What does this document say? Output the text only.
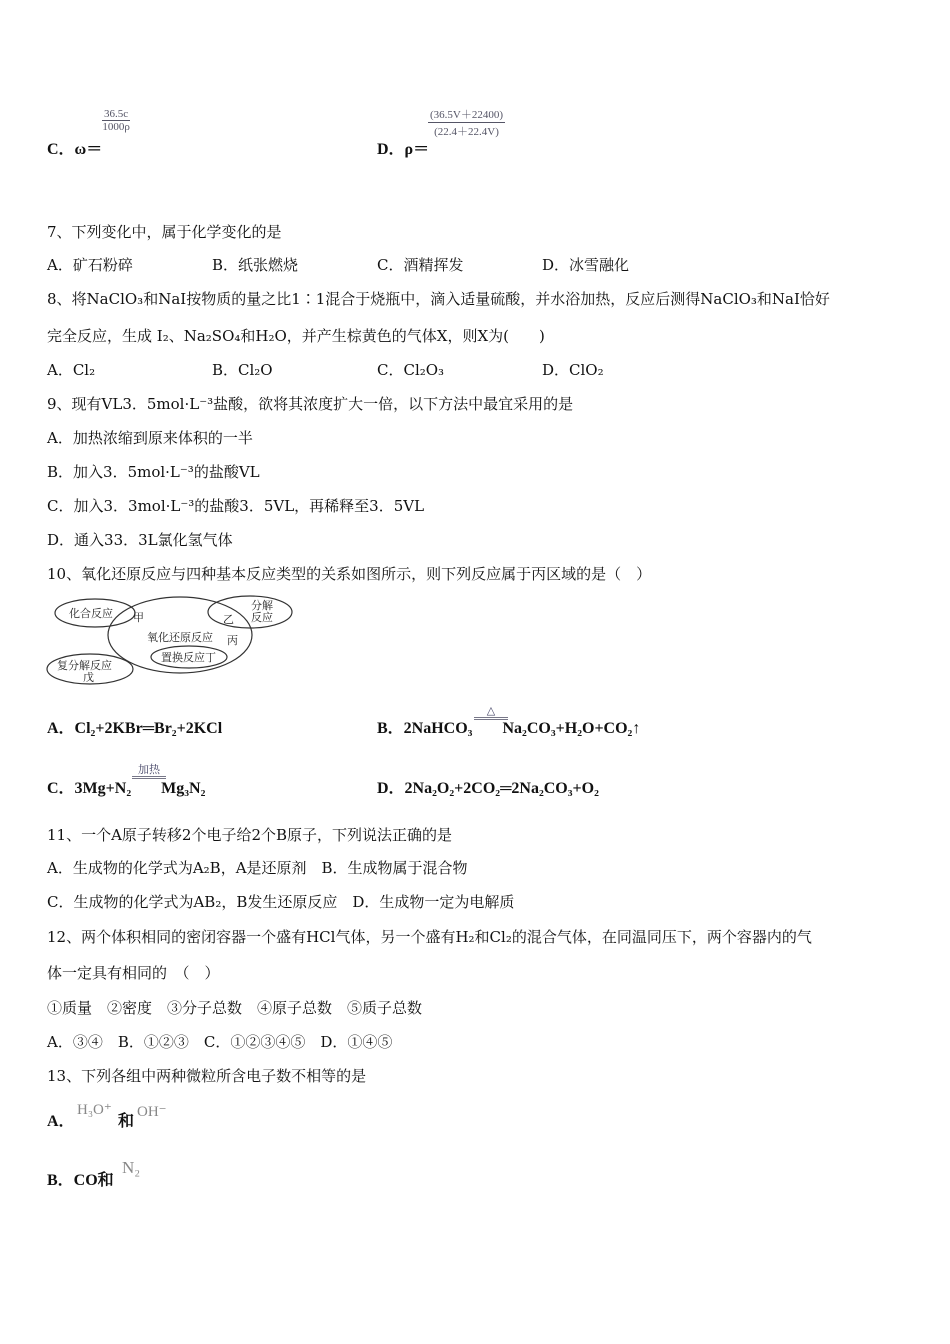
C．ω＝
$\frac{36.5c}{1000\rho}$
D．ρ＝
$\frac{(36.5V+22400)}{(22.4+22.4V)}$
7、下列变化中，属于化学变化的是
A．矿石粉碎	B．纸张燃烧	C．酒精挥发	D．冰雪融化
8、将NaClO₃和NaI按物质的量之比1∶1混合于烧瓶中，滴入适量硫酸，并水浴加热，反应后测得NaClO₃和NaI恰好
完全反应，生成 I₂、Na₂SO₄和H₂O，并产生棕黄色的气体X，则X为(　　)
A．Cl₂	B．Cl₂O	C．Cl₂O₃	D．ClO₂
9、现有VL3．5mol·L⁻³盐酸，欲将其浓度扩大一倍，以下方法中最宜采用的是
A．加热浓缩到原来体积的一半
B．加入3．5mol·L⁻³的盐酸VL
C．加入3．3mol·L⁻³的盐酸3．5VL，再稀释至3．5VL
D．通入33．3L氯化氢气体
10、氧化还原反应与四种基本反应类型的关系如图所示，则下列反应属于丙区域的是（　）
化合反应 甲
分解
反应
乙
氧化还原反应 丙
置换反应丁
复分解反应
戊
A．Cl₂+2KBr═Br₂+2KCl	B．2NaHCO₃ Na₂CO₃+H₂O+CO₂↑
△
C．3Mg+N₂ Mg₃N₂
加热
D．2Na₂O₂+2CO₂═2Na₂CO₃+O₂
11、一个A原子转移2个电子给2个B原子，下列说法正确的是
A．生成物的化学式为A₂B，A是还原剂　B．生成物属于混合物
C．生成物的化学式为AB₂，B发生还原反应　D．生成物一定为电解质
12、两个体积相同的密闭容器一个盛有HCl气体，另一个盛有H₂和Cl₂的混合气体，在同温同压下，两个容器内的气
体一定具有相同的　（　）
①质量　②密度　③分子总数　④原子总数　⑤质子总数
A．③④　B．①②③　C．①②③④⑤　D．①④⑤
13、下列各组中两种微粒所含电子数不相等的是
A．
H₃O⁺
和
OH⁻
B．CO和
N₂
